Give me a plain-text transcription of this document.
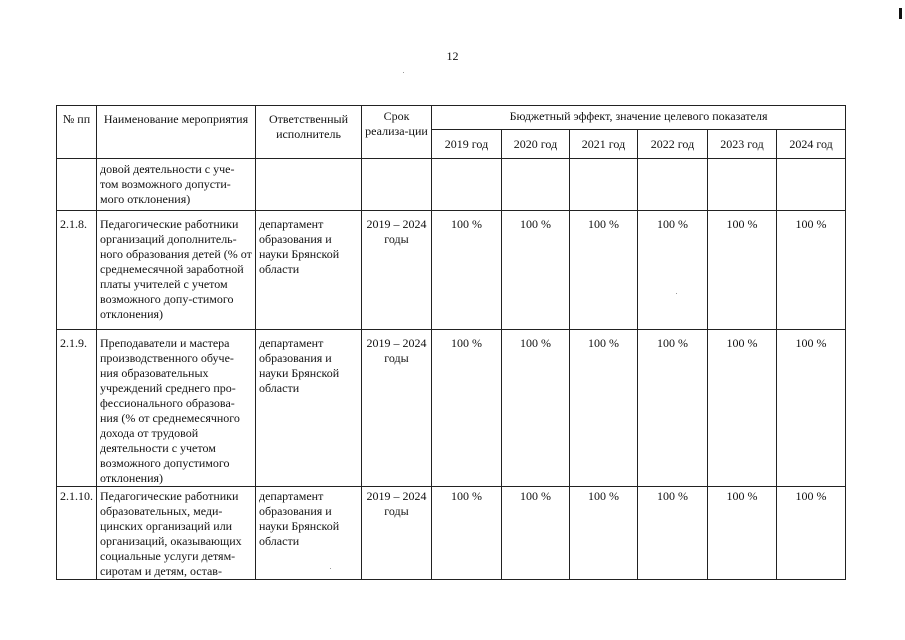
12
№ пп	Наименование мероприятия	Ответственный исполнитель	Срок реализа-ции	Бюджетный эффект, значение целевого показателя					
				2019 год	2020 год	2021 год	2022 год	2023 год	2024 год
	довой деятельности с уче-том возможного допусти-мого отклонения)								
2.1.8.	Педагогические работники организаций дополнитель-ного образования детей (% от среднемесячной заработной платы учителей с учетом возможного допу-стимого отклонения)	департамент образования и науки Брянской области	2019 – 2024 годы	100 %	100 %	100 %	100 %	100 %	100 %
2.1.9.	Преподаватели и мастера производственного обуче-ния образовательных учреждений среднего про-фессионального образова-ния (% от среднемесячного дохода от трудовой деятельности с учетом возможного допустимого отклонения)	департамент образования и науки Брянской области	2019 – 2024 годы	100 %	100 %	100 %	100 %	100 %	100 %
2.1.10.	Педагогические работники образовательных, меди-цинских организаций или организаций, оказывающих социальные услуги детям-сиротам и детям, остав-	департамент образования и науки Брянской области	2019 – 2024 годы	100 %	100 %	100 %	100 %	100 %	100 %
